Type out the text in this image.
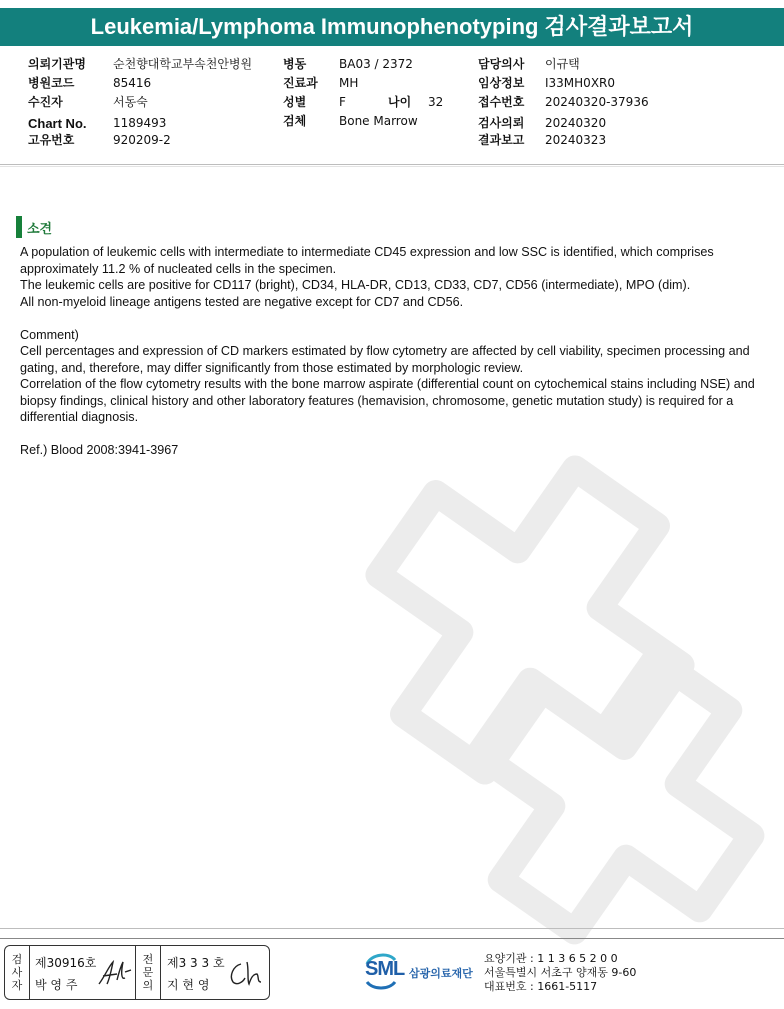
Leukemia/Lymphoma Immunophenotyping 검사결과보고서
의뢰기관명 순천향대학교부속천안병원
병원코드	85416
수진자	서동숙
Chart No. 1189493
고유번호	920209-2
병동	BA03 / 2372
진료과 MH
성별	F	나이 32
검체	Bone Marrow
담당의사 이규택
임상정보 I33MH0XR0
접수번호 20240320-37936
검사의뢰 20240320
결과보고 20240323
소견

A population of leukemic cells with intermediate to intermediate CD45 expression and low SSC is identified, which comprises approximately 11.2 % of nucleated cells in the specimen.

The leukemic cells are positive for CD117 (bright), CD34, HLA-DR, CD13, CD33, CD7, CD56 (intermediate), MPO (dim).

All non-myeloid lineage antigens tested are negative except for CD7 and CD56.

Comment)

Cell percentages and expression of CD markers estimated by flow cytometry are affected by cell viability, specimen processing and gating, and, therefore, may differ significantly from those estimated by morphologic review.

Correlation of the flow cytometry results with the bone marrow aspirate (differential count on cytochemical stains including NSE) and biopsy findings, clinical history and other laboratory features (hemavision, chromosome, genetic mutation study) is required for a differential diagnosis.

Ref.) Blood 2008:3941-3967

검
사
자
제30916호
박 영 주
전
문
의
제3 3 3 호
지 현 영
SML 삼광의료재단
요양기관 : 1 1 3 6 5 2 0 0
서울특별시 서초구 양재동 9-60
대표번호 : 1661-5117
